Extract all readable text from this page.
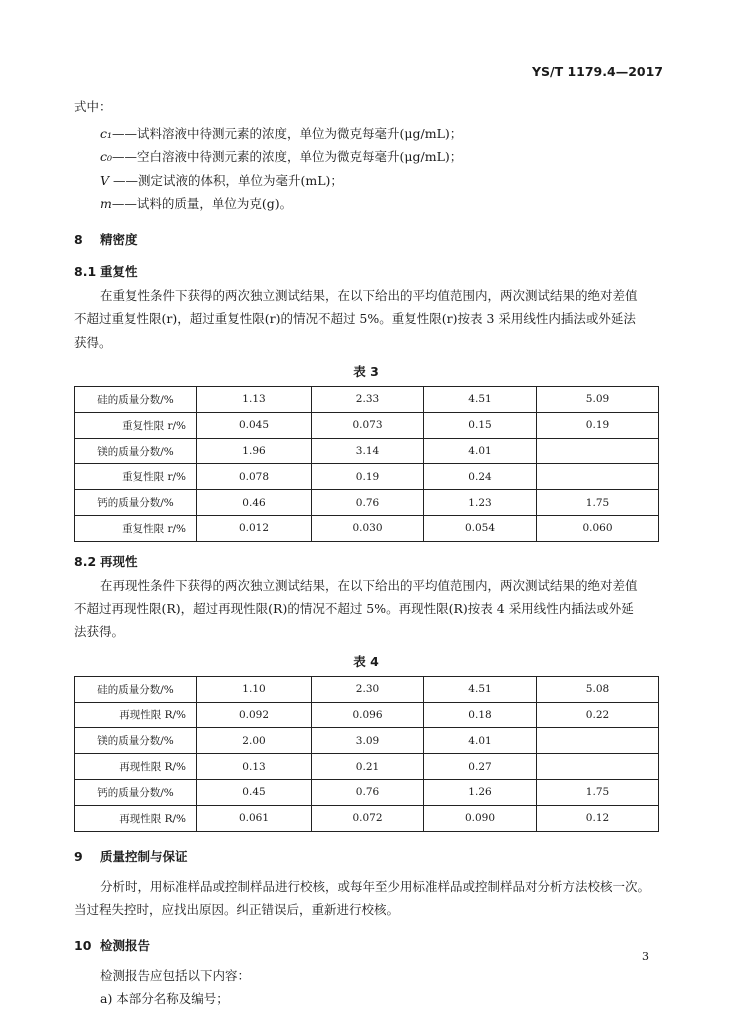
YS/T 1179.4—2017

式中：

c₁——试料溶液中待测元素的浓度，单位为微克每毫升(μg/mL)；

c₀——空白溶液中待测元素的浓度，单位为微克每毫升(μg/mL)；

V ——测定试液的体积，单位为毫升(mL)；

m——试料的质量，单位为克(g)。

8 精密度
8.1 重复性

在重复性条件下获得的两次独立测试结果，在以下给出的平均值范围内，两次测试结果的绝对差值

不超过重复性限(r)，超过重复性限(r)的情况不超过 5%。重复性限(r)按表 3 采用线性内插法或外延法

获得。

表 3
硅的质量分数/%	1.13	2.33	4.51	5.09
重复性限 r/%	0.045	0.073	0.15	0.19
镁的质量分数/%	1.96	3.14	4.01	
重复性限 r/%	0.078	0.19	0.24	
钙的质量分数/%	0.46	0.76	1.23	1.75
重复性限 r/%	0.012	0.030	0.054	0.060
8.2 再现性

在再现性条件下获得的两次独立测试结果，在以下给出的平均值范围内，两次测试结果的绝对差值

不超过再现性限(R)，超过再现性限(R)的情况不超过 5%。再现性限(R)按表 4 采用线性内插法或外延

法获得。

表 4
硅的质量分数/%	1.10	2.30	4.51	5.08
再现性限 R/%	0.092	0.096	0.18	0.22
镁的质量分数/%	2.00	3.09	4.01	
再现性限 R/%	0.13	0.21	0.27	
钙的质量分数/%	0.45	0.76	1.26	1.75
再现性限 R/%	0.061	0.072	0.090	0.12
9 质量控制与保证

分析时，用标准样品或控制样品进行校核，或每年至少用标准样品或控制样品对分析方法校核一次。

当过程失控时，应找出原因。纠正错误后，重新进行校核。

10 检测报告

检测报告应包括以下内容：

a) 本部分名称及编号；

3
